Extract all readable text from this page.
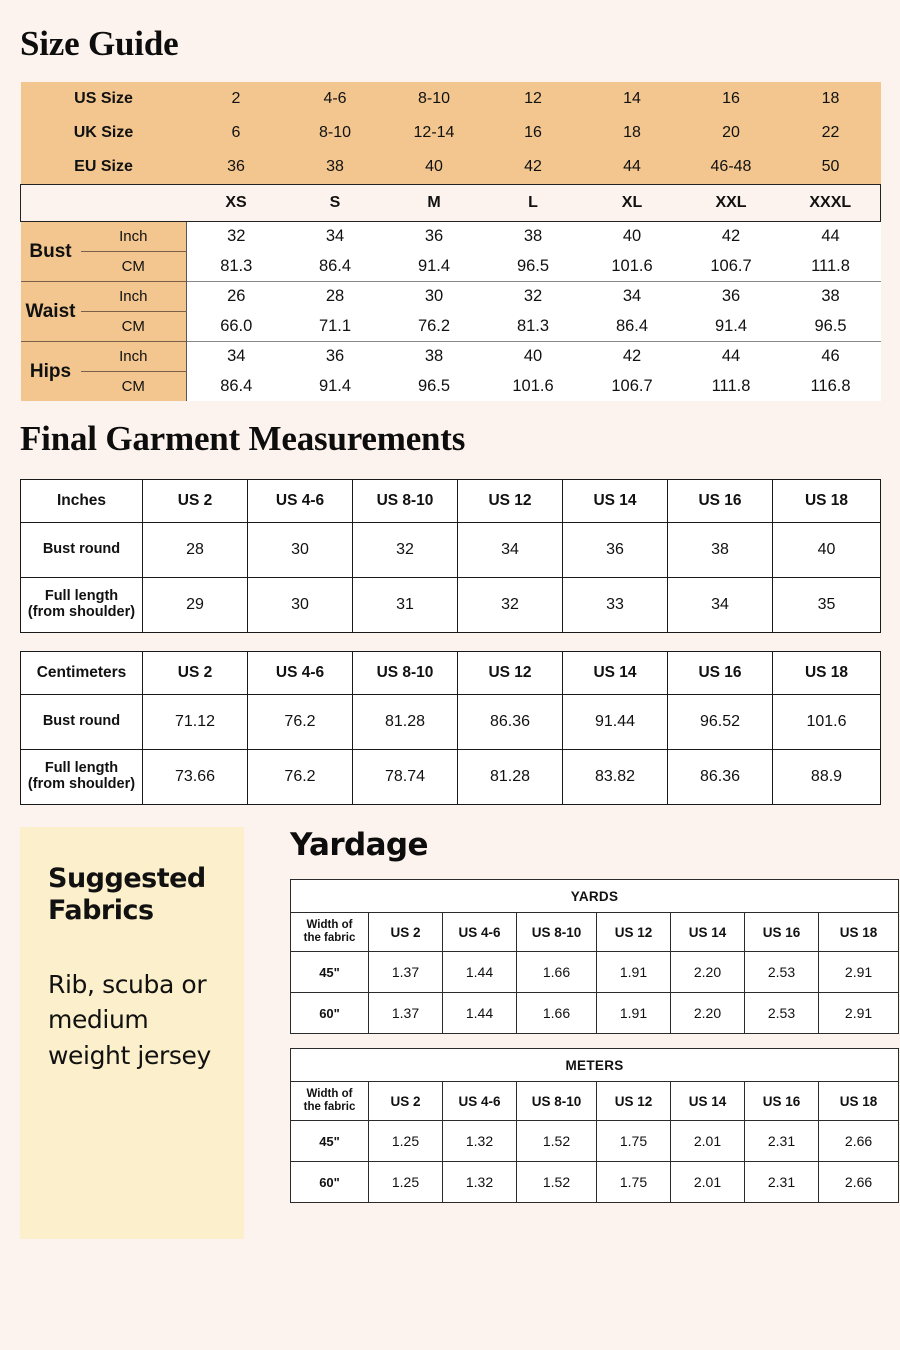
Size Guide
US Size		2	4-6	8-10	12	14	16	18
UK Size		6	8-10	12-14	16	18	20	22
EU Size		36	38	40	42	44	46-48	50
		XS	S	M	L	XL	XXL	XXXL
Bust	Inch	32	34	36	38	40	42	44
	CM	81.3	86.4	91.4	96.5	101.6	106.7	111.8
Waist	Inch	26	28	30	32	34	36	38
	CM	66.0	71.1	76.2	81.3	86.4	91.4	96.5
Hips	Inch	34	36	38	40	42	44	46
	CM	86.4	91.4	96.5	101.6	106.7	111.8	116.8
Final Garment Measurements
Inches	US 2	US 4-6	US 8-10	US 12	US 14	US 16	US 18
Bust round	28	30	32	34	36	38	40
Full length
(from shoulder)	29	30	31	32	33	34	35
Centimeters	US 2	US 4-6	US 8-10	US 12	US 14	US 16	US 18
Bust round	71.12	76.2	81.28	86.36	91.44	96.52	101.6
Full length
(from shoulder)	73.66	76.2	78.74	81.28	83.82	86.36	88.9
Suggested
Fabrics

Rib, scuba or medium weight jersey

Yardage
YARDS							
Width of
the fabric	US 2	US 4-6	US 8-10	US 12	US 14	US 16	US 18
45"	1.37	1.44	1.66	1.91	2.20	2.53	2.91
60"	1.37	1.44	1.66	1.91	2.20	2.53	2.91
METERS							
Width of
the fabric	US 2	US 4-6	US 8-10	US 12	US 14	US 16	US 18
45"	1.25	1.32	1.52	1.75	2.01	2.31	2.66
60"	1.25	1.32	1.52	1.75	2.01	2.31	2.66
